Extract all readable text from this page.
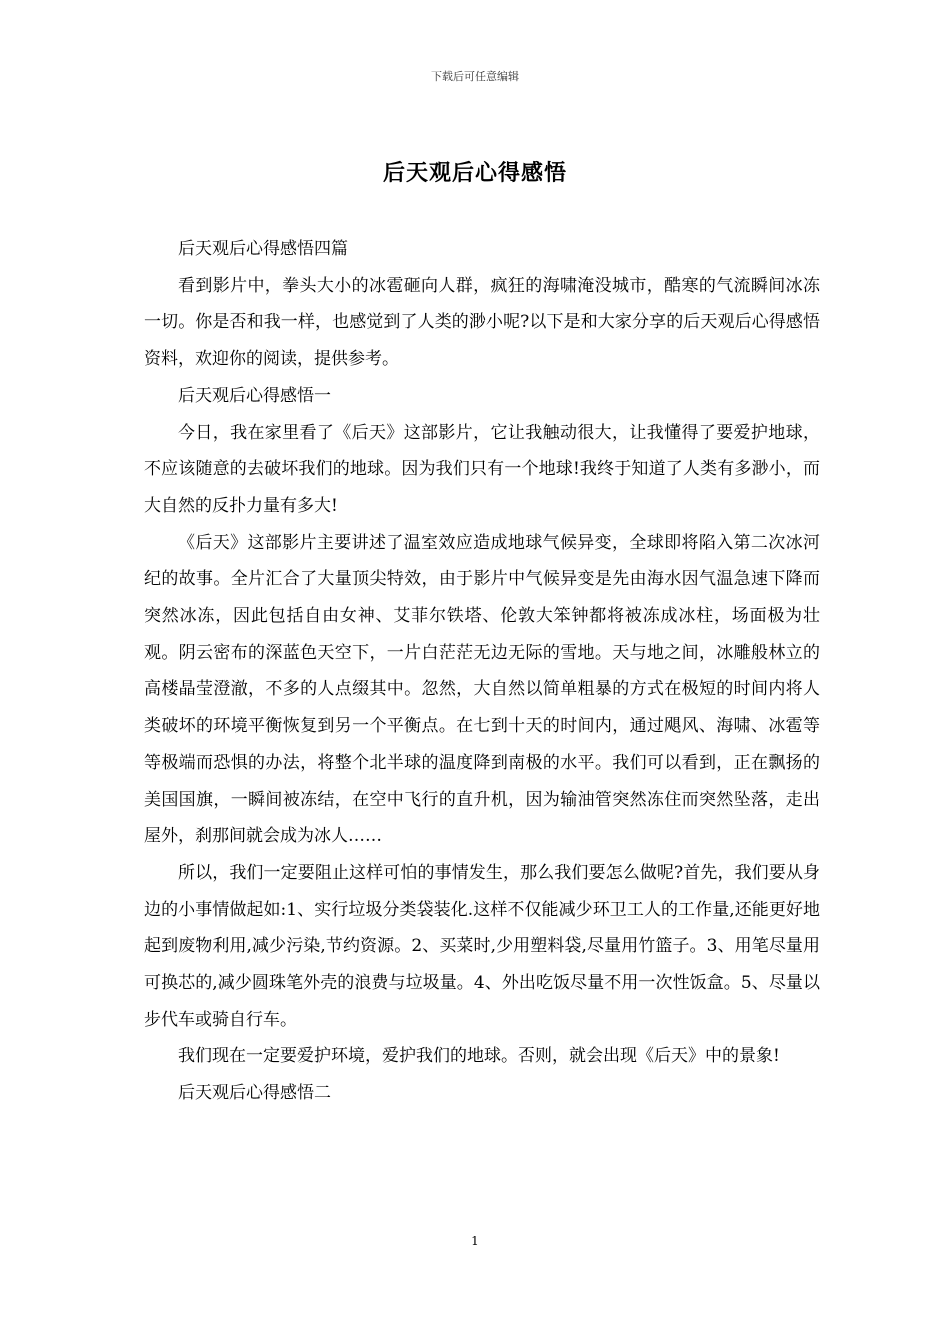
下载后可任意编辑
后天观后心得感悟

后天观后心得感悟四篇

看到影片中，拳头大小的冰雹砸向人群，疯狂的海啸淹没城市，酷寒的气流瞬间冰冻一切。你是否和我一样，也感觉到了人类的渺小呢?以下是和大家分享的后天观后心得感悟资料，欢迎你的阅读，提供参考。

后天观后心得感悟一

今日，我在家里看了《后天》这部影片，它让我触动很大，让我懂得了要爱护地球，不应该随意的去破坏我们的地球。因为我们只有一个地球!我终于知道了人类有多渺小，而大自然的反扑力量有多大!

《后天》这部影片主要讲述了温室效应造成地球气候异变，全球即将陷入第二次冰河纪的故事。全片汇合了大量顶尖特效，由于影片中气候异变是先由海水因气温急速下降而突然冰冻，因此包括自由女神、艾菲尔铁塔、伦敦大笨钟都将被冻成冰柱，场面极为壮观。阴云密布的深蓝色天空下，一片白茫茫无边无际的雪地。天与地之间，冰雕般林立的高楼晶莹澄澈，不多的人点缀其中。忽然，大自然以简单粗暴的方式在极短的时间内将人类破坏的环境平衡恢复到另一个平衡点。在七到十天的时间内，通过飓风、海啸、冰雹等等极端而恐惧的办法，将整个北半球的温度降到南极的水平。我们可以看到，正在飘扬的美国国旗，一瞬间被冻结，在空中飞行的直升机，因为输油管突然冻住而突然坠落，走出屋外，刹那间就会成为冰人……

所以，我们一定要阻止这样可怕的事情发生，那么我们要怎么做呢?首先，我们要从身边的小事情做起如:1、实行垃圾分类袋装化.这样不仅能减少环卫工人的工作量,还能更好地起到废物利用,减少污染,节约资源。2、买菜时,少用塑料袋,尽量用竹篮子。3、用笔尽量用可换芯的,减少圆珠笔外壳的浪费与垃圾量。4、外出吃饭尽量不用一次性饭盒。5、尽量以步代车或骑自行车。

我们现在一定要爱护环境，爱护我们的地球。否则，就会出现《后天》中的景象!

后天观后心得感悟二

1
